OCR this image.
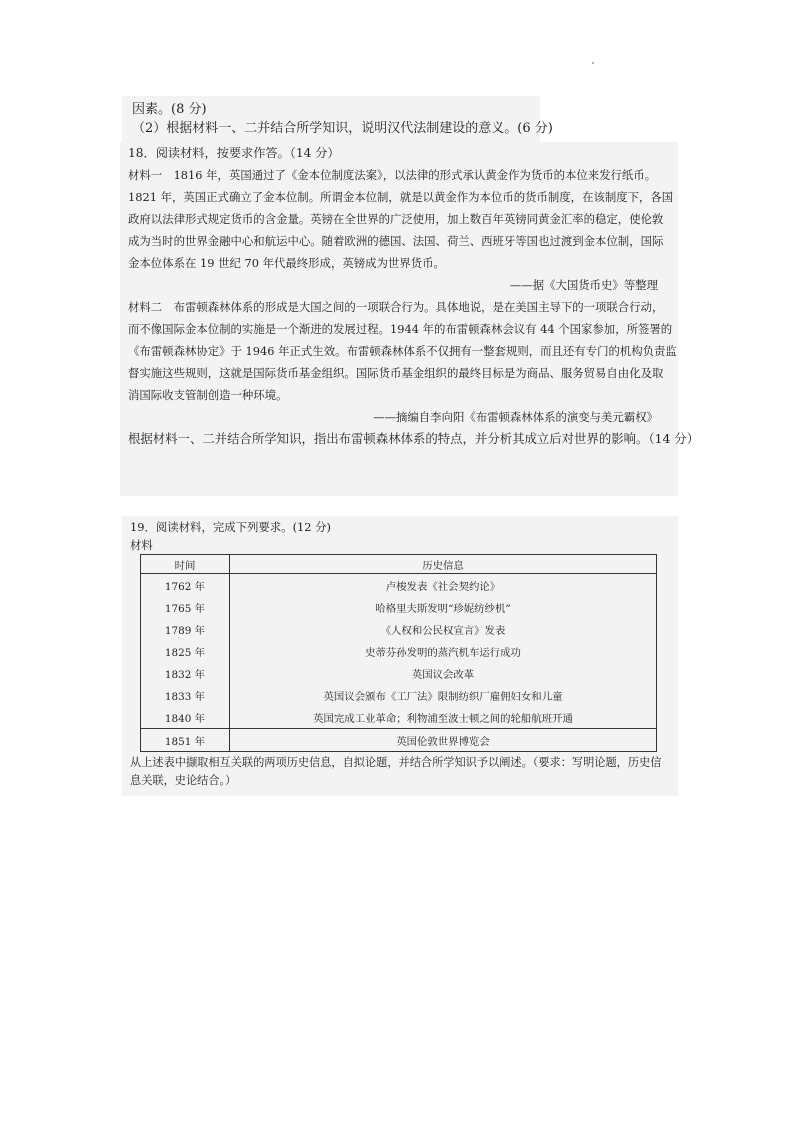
因素。(8 分)
（2）根据材料一、二并结合所学知识，说明汉代法制建设的意义。(6 分)
18．阅读材料，按要求作答。（14 分）
材料一　1816 年，英国通过了《金本位制度法案》，以法律的形式承认黄金作为货币的本位来发行纸币。
1821 年，英国正式确立了金本位制。所谓金本位制，就是以黄金作为本位币的货币制度，在该制度下，各国
政府以法律形式规定货币的含金量。英镑在全世界的广泛使用，加上数百年英镑同黄金汇率的稳定，使伦敦
成为当时的世界金融中心和航运中心。随着欧洲的德国、法国、荷兰、西班牙等国也过渡到金本位制，国际
金本位体系在 19 世纪 70 年代最终形成，英镑成为世界货币。
——据《大国货币史》等整理
材料二　布雷顿森林体系的形成是大国之间的一项联合行为。具体地说，是在美国主导下的一项联合行动，
而不像国际金本位制的实施是一个渐进的发展过程。1944 年的布雷顿森林会议有 44 个国家参加，所签署的
《布雷顿森林协定》于 1946 年正式生效。布雷顿森林体系不仅拥有一整套规则，而且还有专门的机构负责监
督实施这些规则，这就是国际货币基金组织。国际货币基金组织的最终目标是为商品、服务贸易自由化及取
消国际收支管制创造一种环境。
——摘编自李向阳《布雷顿森林体系的演变与美元霸权》
根据材料一、二并结合所学知识，指出布雷顿森林体系的特点，并分析其成立后对世界的影响。（14 分）
19．阅读材料，完成下列要求。(12 分)
材料
从上述表中撷取相互关联的两项历史信息，自拟论题，并结合所学知识予以阐述。（要求：写明论题，历史信
息关联，史论结合。）
时间	历史信息
1762 年	卢梭发表《社会契约论》
1765 年	哈格里夫斯发明“珍妮纺纱机”
1789 年	《人权和公民权宣言》发表
1825 年	史蒂芬孙发明的蒸汽机车运行成功
1832 年	英国议会改革
1833 年	英国议会颁布《工厂法》限制纺织厂雇佣妇女和儿童
1840 年	英国完成工业革命；利物浦至波士顿之间的轮船航班开通
1851 年	英国伦敦世界博览会
